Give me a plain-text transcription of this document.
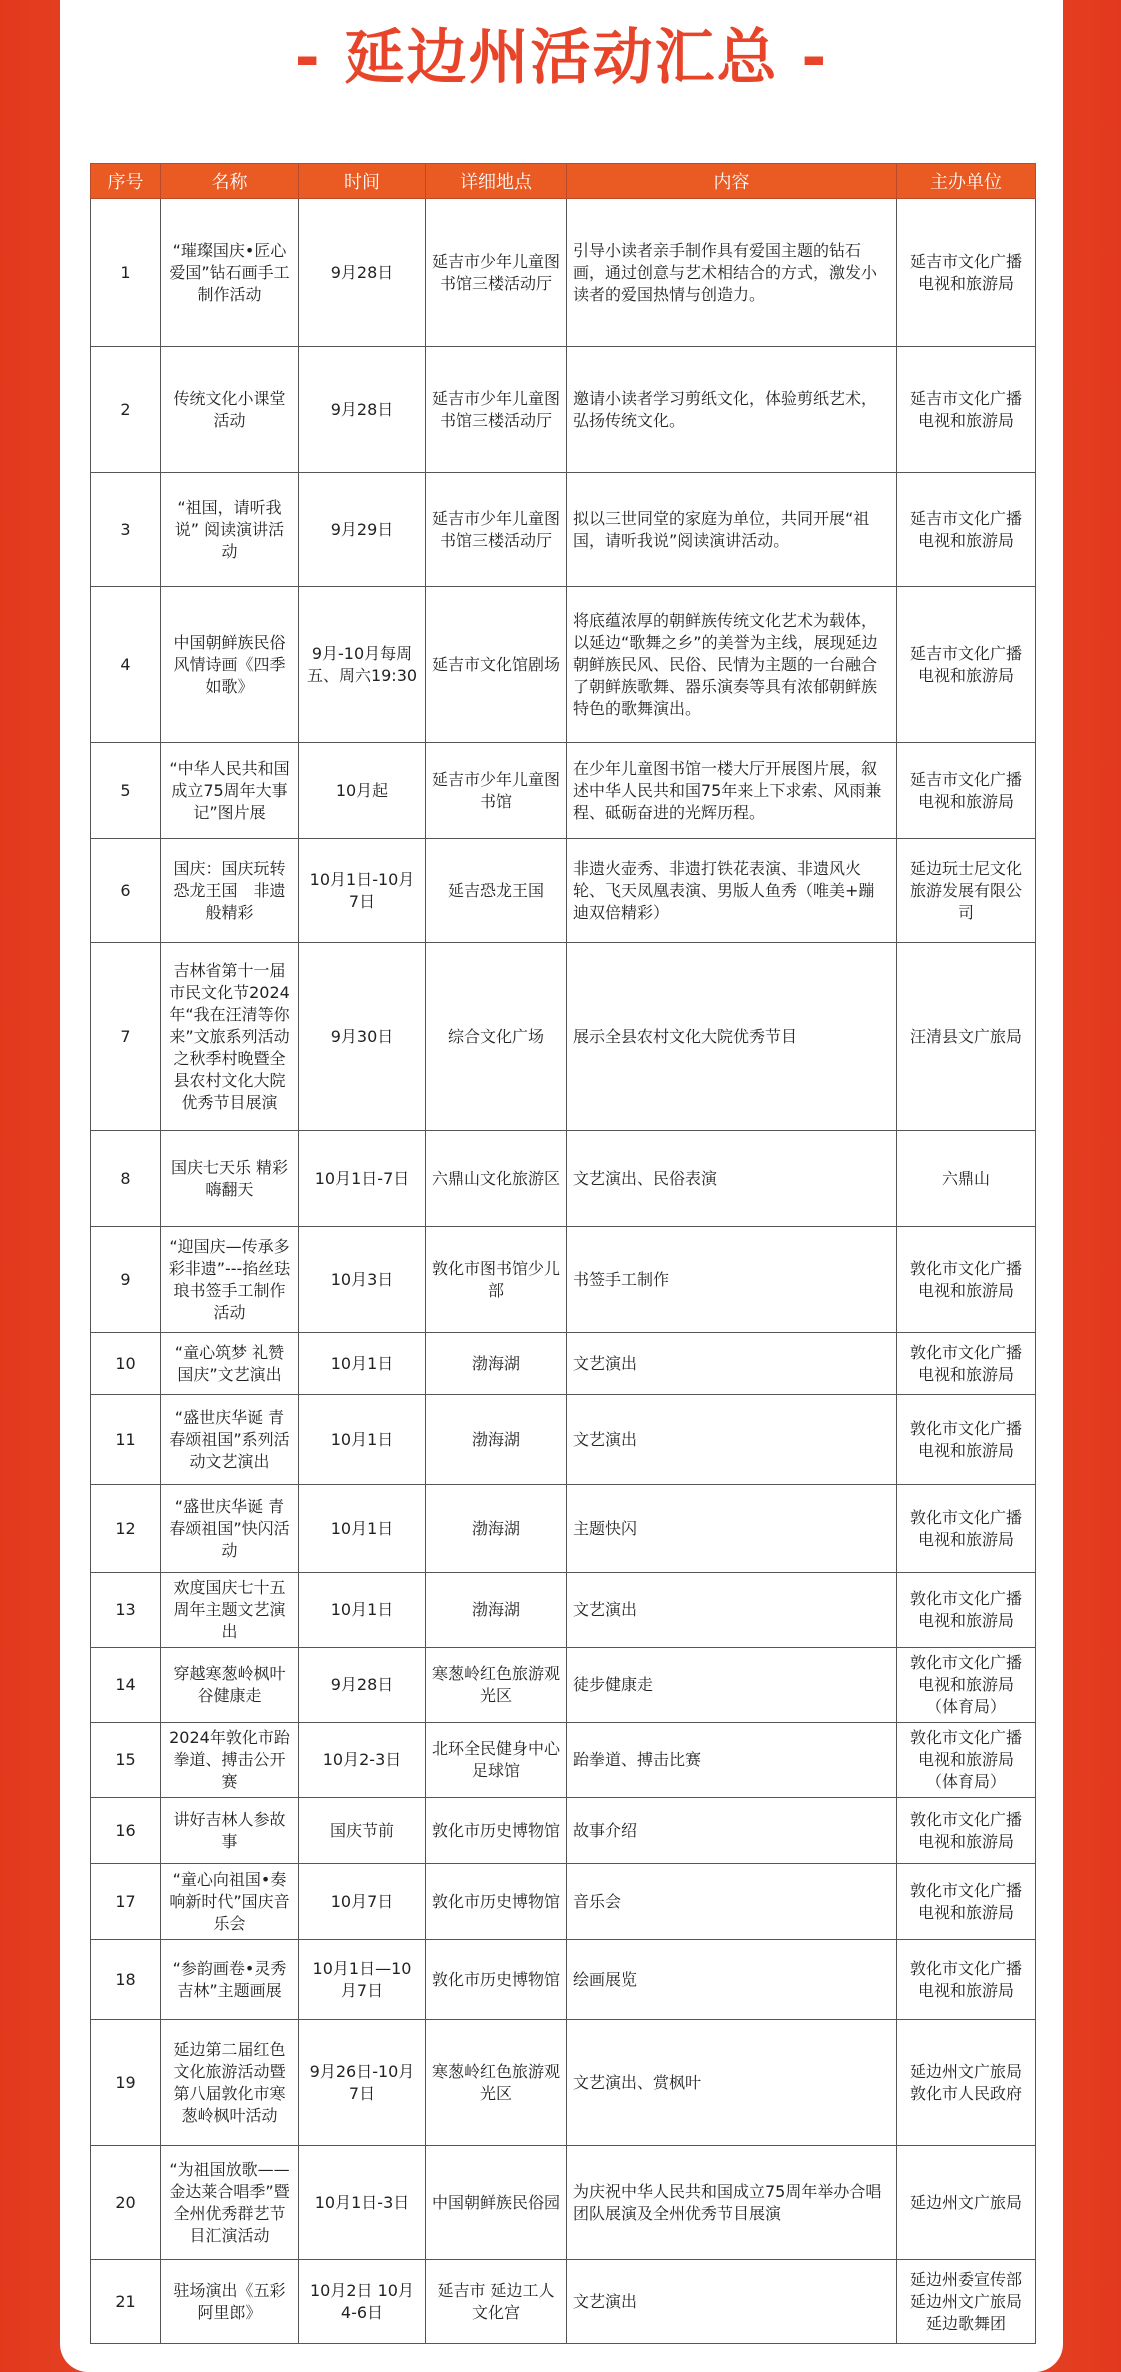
- 延边州活动汇总 -
序号	名称	时间	详细地点	内容	主办单位
1	“璀璨国庆•匠心爱国”钻石画手工制作活动	9月28日	延吉市少年儿童图书馆三楼活动厅	引导小读者亲手制作具有爱国主题的钻石画，通过创意与艺术相结合的方式，激发小读者的爱国热情与创造力。	延吉市文化广播电视和旅游局
2	传统文化小课堂活动	9月28日	延吉市少年儿童图书馆三楼活动厅	邀请小读者学习剪纸文化，体验剪纸艺术，弘扬传统文化。	延吉市文化广播电视和旅游局
3	“祖国，请听我说” 阅读演讲活动	9月29日	延吉市少年儿童图书馆三楼活动厅	拟以三世同堂的家庭为单位，共同开展“祖国，请听我说”阅读演讲活动。	延吉市文化广播电视和旅游局
4	中国朝鲜族民俗风情诗画《四季如歌》	9月-10月每周五、周六19:30	延吉市文化馆剧场	将底蕴浓厚的朝鲜族传统文化艺术为载体，以延边“歌舞之乡”的美誉为主线，展现延边朝鲜族民风、民俗、民情为主题的一台融合了朝鲜族歌舞、器乐演奏等具有浓郁朝鲜族特色的歌舞演出。	延吉市文化广播电视和旅游局
5	“中华人民共和国成立75周年大事记”图片展	10月起	延吉市少年儿童图书馆	在少年儿童图书馆一楼大厅开展图片展，叙述中华人民共和国75年来上下求索、风雨兼程、砥砺奋进的光辉历程。	延吉市文化广播电视和旅游局
6	国庆：国庆玩转恐龙王国　非遗般精彩	10月1日-10月7日	延吉恐龙王国	非遗火壶秀、非遗打铁花表演、非遗风火轮、飞天凤凰表演、男版人鱼秀（唯美+蹦迪双倍精彩）	延边玩士尼文化旅游发展有限公司
7	吉林省第十一届市民文化节2024年“我在汪清等你来”文旅系列活动之秋季村晚暨全县农村文化大院优秀节目展演	9月30日	综合文化广场	展示全县农村文化大院优秀节目	汪清县文广旅局
8	国庆七天乐 精彩嗨翻天	10月1日-7日	六鼎山文化旅游区	文艺演出、民俗表演	六鼎山
9	“迎国庆—传承多彩非遗”---掐丝珐琅书签手工制作活动	10月3日	敦化市图书馆少儿部	书签手工制作	敦化市文化广播电视和旅游局
10	“童心筑梦 礼赞国庆”文艺演出	10月1日	渤海湖	文艺演出	敦化市文化广播电视和旅游局
11	“盛世庆华诞 青春颂祖国”系列活动文艺演出	10月1日	渤海湖	文艺演出	敦化市文化广播电视和旅游局
12	“盛世庆华诞 青春颂祖国”快闪活动	10月1日	渤海湖	主题快闪	敦化市文化广播电视和旅游局
13	欢度国庆七十五周年主题文艺演出	10月1日	渤海湖	文艺演出	敦化市文化广播电视和旅游局
14	穿越寒葱岭枫叶谷健康走	9月28日	寒葱岭红色旅游观光区	徒步健康走	敦化市文化广播电视和旅游局（体育局）
15	2024年敦化市跆拳道、搏击公开赛	10月2-3日	北环全民健身中心足球馆	跆拳道、搏击比赛	敦化市文化广播电视和旅游局（体育局）
16	讲好吉林人参故事	国庆节前	敦化市历史博物馆	故事介绍	敦化市文化广播电视和旅游局
17	“童心向祖国•奏响新时代”国庆音乐会	10月7日	敦化市历史博物馆	音乐会	敦化市文化广播电视和旅游局
18	“参韵画卷•灵秀吉林”主题画展	10月1日—10月7日	敦化市历史博物馆	绘画展览	敦化市文化广播电视和旅游局
19	延边第二届红色文化旅游活动暨第八届敦化市寒葱岭枫叶活动	9月26日-10月7日	寒葱岭红色旅游观光区	文艺演出、赏枫叶	延边州文广旅局 敦化市人民政府
20	“为祖国放歌——金达莱合唱季”暨全州优秀群艺节目汇演活动	10月1日-3日	中国朝鲜族民俗园	为庆祝中华人民共和国成立75周年举办合唱团队展演及全州优秀节目展演	延边州文广旅局
21	驻场演出《五彩阿里郎》	10月2日 10月4-6日	延吉市 延边工人文化宫	文艺演出	延边州委宣传部 延边州文广旅局 延边歌舞团
